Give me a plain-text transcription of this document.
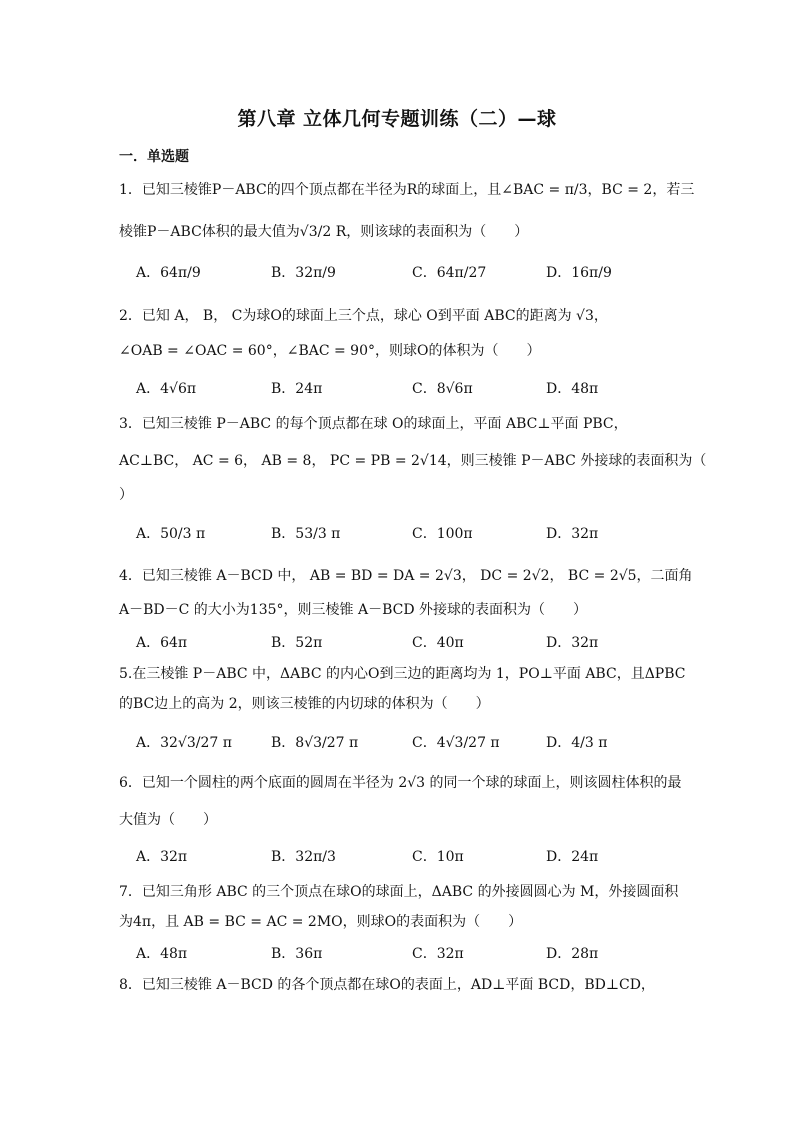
第八章 立体几何专题训练（二）—球
一．单选题
1．已知三棱锥P－ABC的四个顶点都在半径为R的球面上，且∠BAC = π/3，BC = 2，若三
棱锥P－ABC体积的最大值为√3/2 R，则该球的表面积为（　　）
A．64π/9	B．32π/9	C．64π/27	D．16π/9
2．已知 A， B， C为球O的球面上三个点，球心 O到平面 ABC的距离为 √3，
∠OAB = ∠OAC = 60°，∠BAC = 90°，则球O的体积为（　　）
A．4√6π	B．24π	C．8√6π	D．48π
3．已知三棱锥 P－ABC 的每个顶点都在球 O的球面上，平面 ABC⊥平面 PBC，
AC⊥BC， AC = 6， AB = 8， PC = PB = 2√14，则三棱锥 P－ABC 外接球的表面积为（
）
A．50/3 π	B．53/3 π	C．100π	D．32π
4．已知三棱锥 A－BCD 中， AB = BD = DA = 2√3， DC = 2√2， BC = 2√5，二面角
A－BD－C 的大小为135°，则三棱锥 A－BCD 外接球的表面积为（　　）
A．64π	B．52π	C．40π	D．32π
5.在三棱锥 P－ABC 中，ΔABC 的内心O到三边的距离均为 1，PO⊥平面 ABC，且ΔPBC
的BC边上的高为 2，则该三棱锥的内切球的体积为（　　）
A．32√3/27 π	B．8√3/27 π	C．4√3/27 π	D．4/3 π
6．已知一个圆柱的两个底面的圆周在半径为 2√3 的同一个球的球面上，则该圆柱体积的最
大值为（　　）
A．32π	B．32π/3	C．10π	D．24π
7．已知三角形 ABC 的三个顶点在球O的球面上，ΔABC 的外接圆圆心为 M，外接圆面积
为4π，且 AB = BC = AC = 2MO，则球O的表面积为（　　）
A．48π	B．36π	C．32π	D．28π
8．已知三棱锥 A－BCD 的各个顶点都在球O的表面上，AD⊥平面 BCD，BD⊥CD，
